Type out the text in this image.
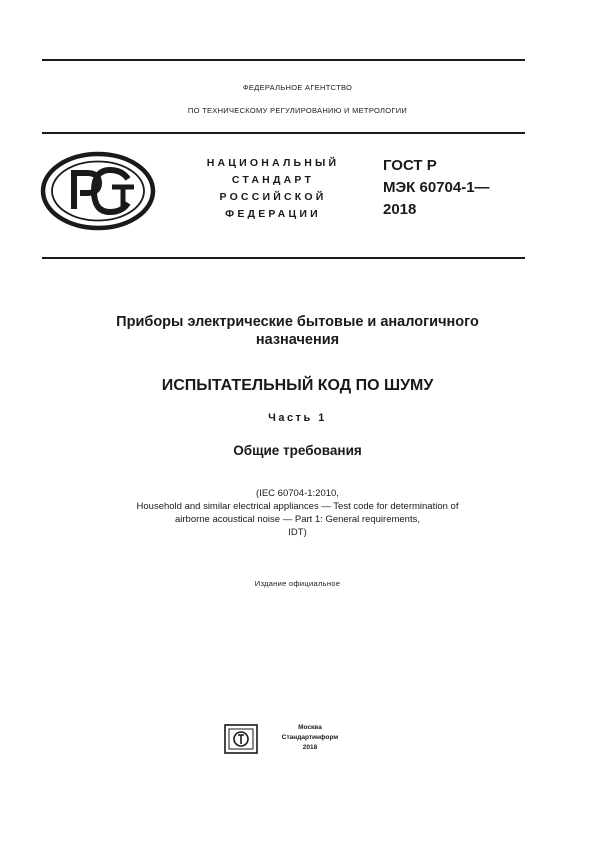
ФЕДЕРАЛЬНОЕ АГЕНТСТВО
ПО ТЕХНИЧЕСКОМУ РЕГУЛИРОВАНИЮ И МЕТРОЛОГИИ
НАЦИОНАЛЬНЫЙ
СТАНДАРТ
РОССИЙСКОЙ
ФЕДЕРАЦИИ
ГОСТ Р
МЭК 60704-1—
2018
Приборы электрические бытовые и аналогичного
назначения
ИСПЫТАТЕЛЬНЫЙ КОД ПО ШУМУ
Часть 1
Общие требования
(IEC 60704-1:2010,
Household and similar electrical appliances — Test code for determination of
airborne acoustical noise — Part 1: General requirements,
IDT)
Издание официальное
Москва
Стандартинформ
2018
